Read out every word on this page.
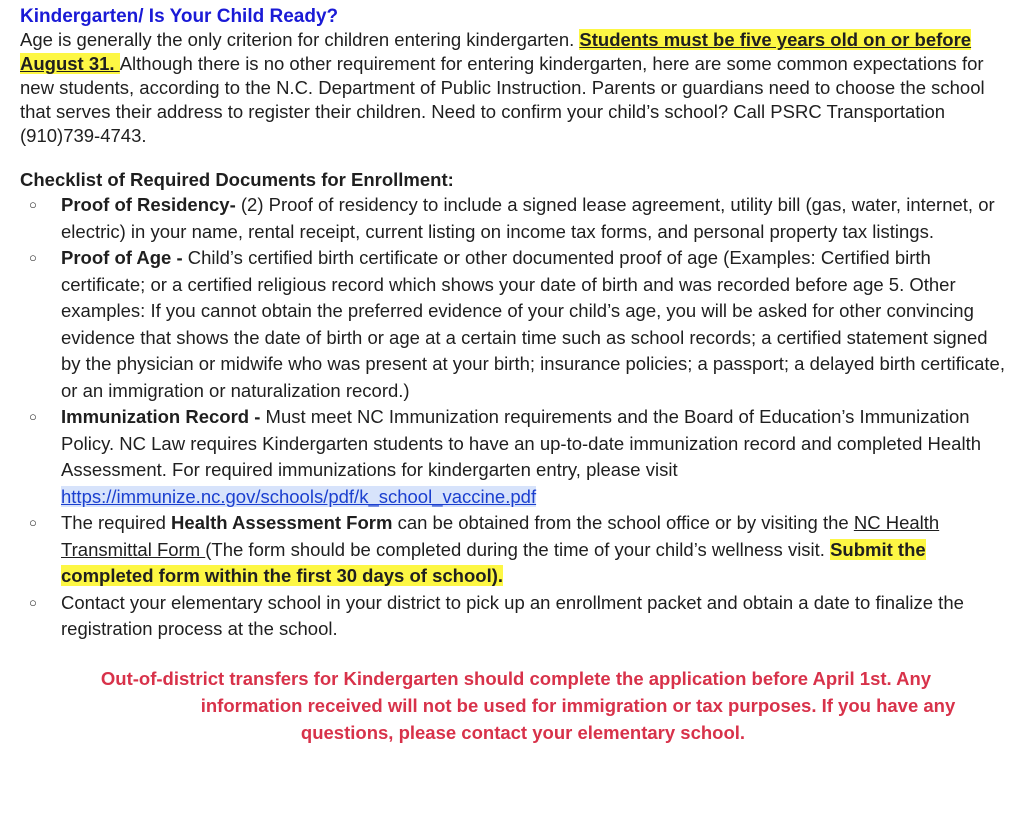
Kindergarten/ Is Your Child Ready?

Age is generally the only criterion for children entering kindergarten. Students must be five years old on or before August 31. Although there is no other requirement for entering kindergarten, here are some common expectations for new students, according to the N.C. Department of Public Instruction. Parents or guardians need to choose the school that serves their address to register their children. Need to confirm your child’s school? Call PSRC Transportation (910)739-4743.

Checklist of Required Documents for Enrollment:

○ Proof of Residency- (2) Proof of residency to include a signed lease agreement, utility bill (gas, water, internet, or electric) in your name, rental receipt, current listing on income tax forms, and personal property tax listings.
○ Proof of Age - Child’s certified birth certificate or other documented proof of age (Examples: Certified birth certificate; or a certified religious record which shows your date of birth and was recorded before age 5. Other examples: If you cannot obtain the preferred evidence of your child’s age, you will be asked for other convincing evidence that shows the date of birth or age at a certain time such as school records; a certified statement signed by the physician or midwife who was present at your birth; insurance policies; a passport; a delayed birth certificate, or an immigration or naturalization record.)
○ Immunization Record - Must meet NC Immunization requirements and the Board of Education’s Immunization Policy. NC Law requires Kindergarten students to have an up-to-date immunization record and completed Health Assessment. For required immunizations for kindergarten entry, please visit https://immunize.nc.gov/schools/pdf/k_school_vaccine.pdf
○ The required Health Assessment Form can be obtained from the school office or by visiting the NC Health Transmittal Form (The form should be completed during the time of your child’s wellness visit. Submit the completed form within the first 30 days of school).
○ Contact your elementary school in your district to pick up an enrollment packet and obtain a date to finalize the registration process at the school.

Out-of-district transfers for Kindergarten should complete the application before April 1st. Any
information received will not be used for immigration or tax purposes. If you have any
questions, please contact your elementary school.
